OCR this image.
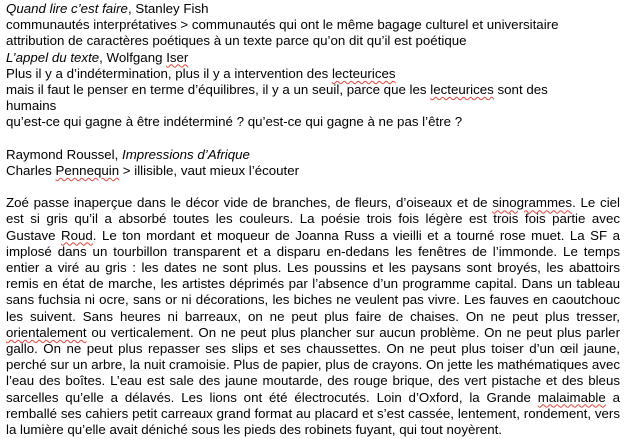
Quand lire c’est faire, Stanley Fish
communautés interprétatives > communautés qui ont le même bagage culturel et universitaire
attribution de caractères poétiques à un texte parce qu’on dit qu’il est poétique
L’appel du texte, Wolfgang Iser
Plus il y a d’indétermination, plus il y a intervention des lecteurices
mais il faut le penser en terme d’équilibres, il y a un seuil, parce que les lecteurices sont des
humains
qu’est-ce qui gagne à être indéterminé ? qu’est-ce qui gagne à ne pas l’être ?
Raymond Roussel, Impressions d’Afrique
Charles Pennequin > illisible, vaut mieux l’écouter
Zoé passe inaperçue dans le décor vide de branches, de fleurs, d’oiseaux et de sinogrammes. Le ciel est si gris qu’il a absorbé toutes les couleurs. La poésie trois fois légère est trois fois partie avec Gustave Roud. Le ton mordant et moqueur de Joanna Russ a vieilli et a tourné rose muet. La SF a implosé dans un tourbillon transparent et a disparu en-dedans les fenêtres de l’immonde. Le temps entier a viré au gris : les dates ne sont plus. Les poussins et les paysans sont broyés, les abattoirs remis en état de marche, les artistes déprimés par l’absence d’un programme capital. Dans un tableau sans fuchsia ni ocre, sans or ni décorations, les biches ne veulent pas vivre. Les fauves en caoutchouc les suivent. Sans heures ni barreaux, on ne peut plus faire de chaises. On ne peut plus tresser, orientalement ou verticalement. On ne peut plus plancher sur aucun problème. On ne peut plus parler gallo. On ne peut plus repasser ses slips et ses chaussettes. On ne peut plus toiser d’un œil jaune, perché sur un arbre, la nuit cramoisie. Plus de papier, plus de crayons. On jette les mathématiques avec l’eau des boîtes. L’eau est sale des jaune moutarde, des rouge brique, des vert pistache et des bleus sarcelles qu’elle a délavés. Les lions ont été électrocutés. Loin d’Oxford, la Grande malaimable a remballé ses cahiers petit carreaux grand format au placard et s’est cassée, lentement, rondement, vers la lumière qu’elle avait déniché sous les pieds des robinets fuyant, qui tout noyèrent.
